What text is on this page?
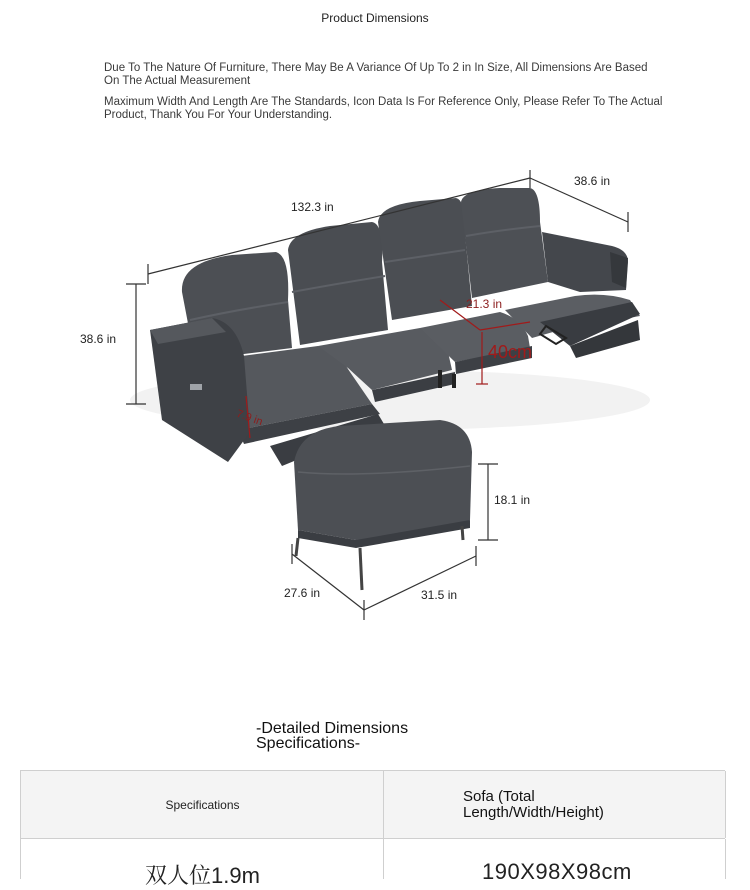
Product Dimensions
Due To The Nature Of Furniture, There May Be A Variance Of Up To 2 in In Size, All Dimensions Are Based On The Actual Measurement
Maximum Width And Length Are The Standards, Icon Data Is For Reference Only, Please Refer To The Actual Product, Thank You For Your Understanding.
132.3 in
38.6 in
38.6 in
21.3 in
40cm
7.9 in
18.1 in
27.6 in	31.5 in
-Detailed Dimensions Specifications-
Specifications	Sofa (Total Length/Width/Height)
双人位1.9m	190X98X98cm
